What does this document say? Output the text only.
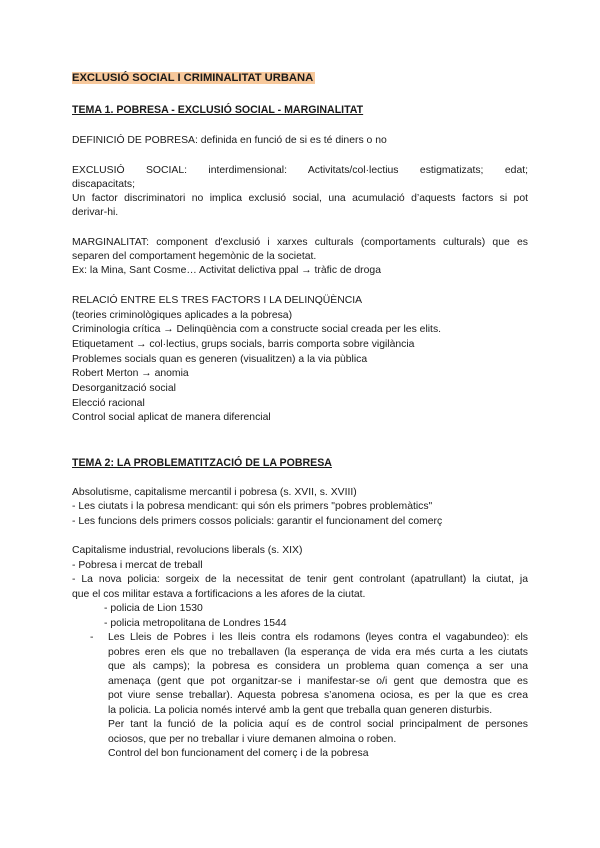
EXCLUSIÓ SOCIAL I CRIMINALITAT URBANA
TEMA 1. POBRESA - EXCLUSIÓ SOCIAL - MARGINALITAT
DEFINICIÓ DE POBRESA: definida en funció de si es té diners o no
EXCLUSIÓ SOCIAL: interdimensional: Activitats/col·lectius estigmatizats; edat;
discapacitats;
Un factor discriminatori no implica exclusió social, una acumulació d’aquests factors si pot
derivar-hi.
MARGINALITAT: component d'exclusió i xarxes culturals (comportaments culturals) que es
separen del comportament hegemònic de la societat.
Ex: la Mina, Sant Cosme… Activitat delictiva ppal → tràfic de droga
RELACIÓ ENTRE ELS TRES FACTORS I LA DELINQÜÈNCIA
(teories criminològiques aplicades a la pobresa)
Criminologia crítica → Delinqüència com a constructe social creada per les elits.
Etiquetament → col·lectius, grups socials, barris comporta sobre vigilància
Problemes socials quan es generen (visualitzen) a la via pùblica
Robert Merton → anomia
Desorganització social
Elecció racional
Control social aplicat de manera diferencial
TEMA 2: LA PROBLEMATITZACIÓ DE LA POBRESA
Absolutisme, capitalisme mercantil i pobresa (s. XVII, s. XVIII)
- Les ciutats i la pobresa mendicant: qui són els primers "pobres problemàtics"
- Les funcions dels primers cossos policials: garantir el funcionament del comerç
Capitalisme industrial, revolucions liberals (s. XIX)
- Pobresa i mercat de treball
- La nova policia: sorgeix de la necessitat de tenir gent controlant (apatrullant) la ciutat, ja
que el cos militar estava a fortificacions a les afores de la ciutat.
- policia de Lion 1530
- policia metropolitana de Londres 1544
- Les Lleis de Pobres i les lleis contra els rodamons (leyes contra el vagabundeo): els
pobres eren els que no treballaven (la esperança de vida era més curta a les ciutats
que als camps); la pobresa es considera un problema quan comença a ser una
amenaça (gent que pot organitzar-se i manifestar-se o/i gent que demostra que es
pot viure sense treballar). Aquesta pobresa s’anomena ociosa, es per la que es crea
la policia. La policia només intervé amb la gent que treballa quan generen disturbis.
Per tant la funció de la policia aquí es de control social principalment de persones
ociosos, que per no treballar i viure demanen almoina o roben.
Control del bon funcionament del comerç i de la pobresa
